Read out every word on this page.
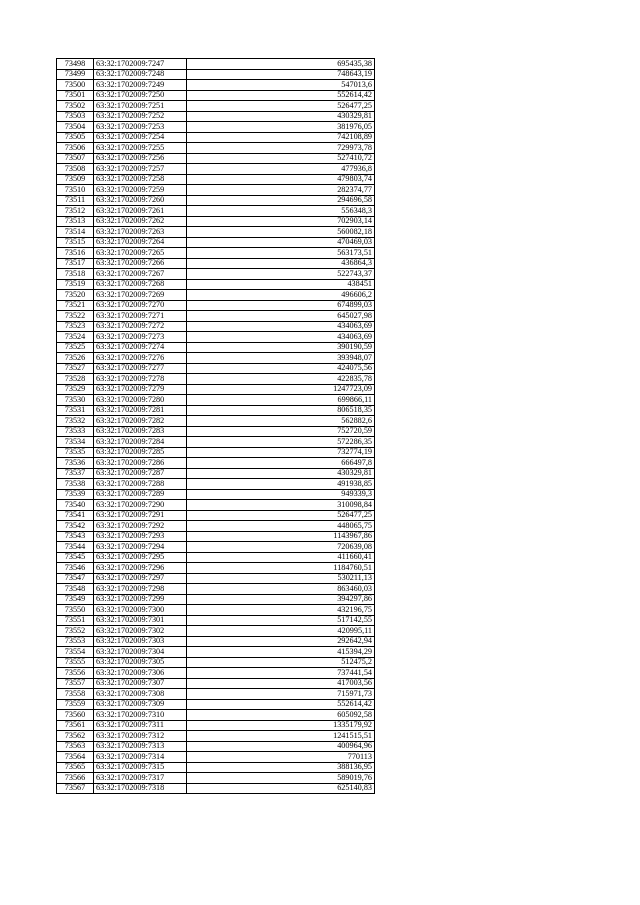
73498	63:32:1702009:7247	695435,38
73499	63:32:1702009:7248	748643,19
73500	63:32:1702009:7249	547013,6
73501	63:32:1702009:7250	552614,42
73502	63:32:1702009:7251	526477,25
73503	63:32:1702009:7252	430329,81
73504	63:32:1702009:7253	381976,05
73505	63:32:1702009:7254	742108,89
73506	63:32:1702009:7255	729973,78
73507	63:32:1702009:7256	527410,72
73508	63:32:1702009:7257	477936,8
73509	63:32:1702009:7258	479803,74
73510	63:32:1702009:7259	282374,77
73511	63:32:1702009:7260	294696,58
73512	63:32:1702009:7261	556348,3
73513	63:32:1702009:7262	702903,14
73514	63:32:1702009:7263	560082,18
73515	63:32:1702009:7264	470469,03
73516	63:32:1702009:7265	563173,51
73517	63:32:1702009:7266	436864,3
73518	63:32:1702009:7267	522743,37
73519	63:32:1702009:7268	438451
73520	63:32:1702009:7269	496606,2
73521	63:32:1702009:7270	674899,03
73522	63:32:1702009:7271	645027,98
73523	63:32:1702009:7272	434063,69
73524	63:32:1702009:7273	434063,69
73525	63:32:1702009:7274	390190,59
73526	63:32:1702009:7276	393948,07
73527	63:32:1702009:7277	424075,56
73528	63:32:1702009:7278	422835,78
73529	63:32:1702009:7279	1247723,09
73530	63:32:1702009:7280	699866,11
73531	63:32:1702009:7281	806518,35
73532	63:32:1702009:7282	562882,6
73533	63:32:1702009:7283	752720,59
73534	63:32:1702009:7284	572286,35
73535	63:32:1702009:7285	732774,19
73536	63:32:1702009:7286	666497,8
73537	63:32:1702009:7287	430329,81
73538	63:32:1702009:7288	491938,85
73539	63:32:1702009:7289	949339,3
73540	63:32:1702009:7290	310098,84
73541	63:32:1702009:7291	526477,25
73542	63:32:1702009:7292	448065,75
73543	63:32:1702009:7293	1143967,86
73544	63:32:1702009:7294	720639,08
73545	63:32:1702009:7295	411660,41
73546	63:32:1702009:7296	1184760,51
73547	63:32:1702009:7297	530211,13
73548	63:32:1702009:7298	863460,03
73549	63:32:1702009:7299	394297,86
73550	63:32:1702009:7300	432196,75
73551	63:32:1702009:7301	517142,55
73552	63:32:1702009:7302	420995,11
73553	63:32:1702009:7303	292642,94
73554	63:32:1702009:7304	415394,29
73555	63:32:1702009:7305	512475,2
73556	63:32:1702009:7306	737441,54
73557	63:32:1702009:7307	417003,56
73558	63:32:1702009:7308	715971,73
73559	63:32:1702009:7309	552614,42
73560	63:32:1702009:7310	605092,58
73561	63:32:1702009:7311	1335179,92
73562	63:32:1702009:7312	1241515,51
73563	63:32:1702009:7313	400964,96
73564	63:32:1702009:7314	770113
73565	63:32:1702009:7315	388136,95
73566	63:32:1702009:7317	589019,76
73567	63:32:1702009:7318	625140,83
